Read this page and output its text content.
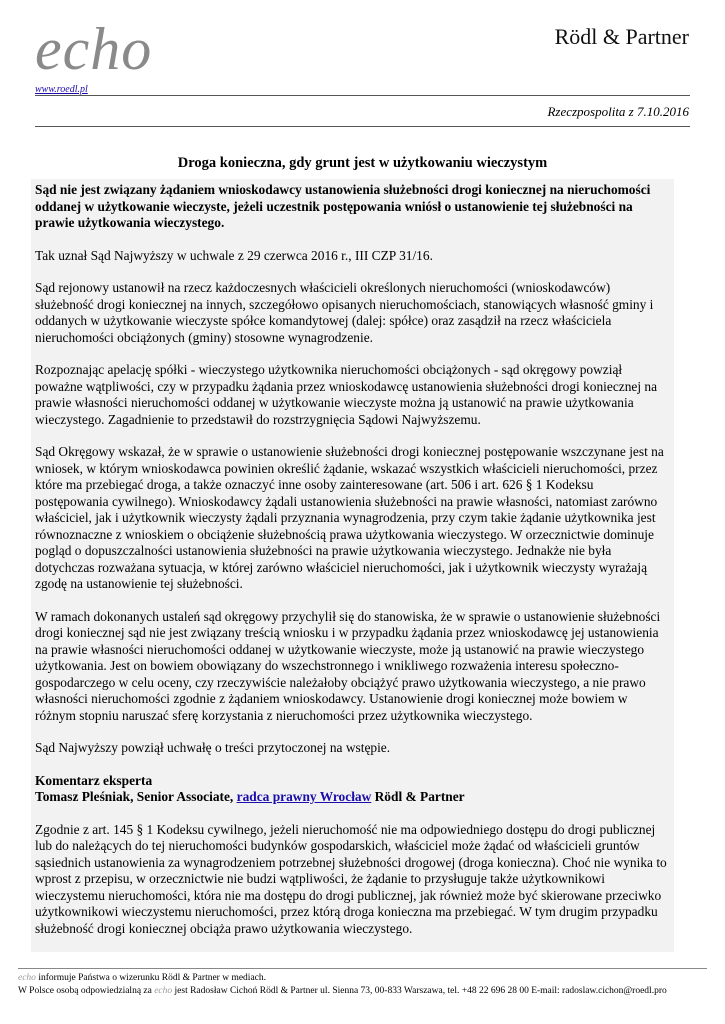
echo
www.roedl.pl
Rödl & Partner
Rzeczpospolita z 7.10.2016
Droga konieczna, gdy grunt jest w użytkowaniu wieczystym

Sąd nie jest związany żądaniem wnioskodawcy ustanowienia służebności drogi koniecznej na nieruchomości oddanej w użytkowanie wieczyste, jeżeli uczestnik postępowania wniósł o ustanowienie tej służebności na prawie użytkowania wieczystego.

Tak uznał Sąd Najwyższy w uchwale z 29 czerwca 2016 r., III CZP 31/16.

Sąd rejonowy ustanowił na rzecz każdoczesnych właścicieli określonych nieruchomości (wnioskodawców) służebność drogi koniecznej na innych, szczegółowo opisanych nieruchomościach, stanowiących własność gminy i oddanych w użytkowanie wieczyste spółce komandytowej (dalej: spółce) oraz zasądził na rzecz właściciela nieruchomości obciążonych (gminy) stosowne wynagrodzenie.

Rozpoznając apelację spółki - wieczystego użytkownika nieruchomości obciążonych - sąd okręgowy powziął poważne wątpliwości, czy w przypadku żądania przez wnioskodawcę ustanowienia służebności drogi koniecznej na prawie własności nieruchomości oddanej w użytkowanie wieczyste można ją ustanowić na prawie użytkowania wieczystego. Zagadnienie to przedstawił do rozstrzygnięcia Sądowi Najwyższemu.

Sąd Okręgowy wskazał, że w sprawie o ustanowienie służebności drogi koniecznej postępowanie wszczynane jest na wniosek, w którym wnioskodawca powinien określić żądanie, wskazać wszystkich właścicieli nieruchomości, przez które ma przebiegać droga, a także oznaczyć inne osoby zainteresowane (art. 506 i art. 626 § 1 Kodeksu postępowania cywilnego). Wnioskodawcy żądali ustanowienia służebności na prawie własności, natomiast zarówno właściciel, jak i użytkownik wieczysty żądali przyznania wynagrodzenia, przy czym takie żądanie użytkownika jest równoznaczne z wnioskiem o obciążenie służebnością prawa użytkowania wieczystego. W orzecznictwie dominuje pogląd o dopuszczalności ustanowienia służebności na prawie użytkowania wieczystego. Jednakże nie była dotychczas rozważana sytuacja, w której zarówno właściciel nieruchomości, jak i użytkownik wieczysty wyrażają zgodę na ustanowienie tej służebności.

W ramach dokonanych ustaleń sąd okręgowy przychylił się do stanowiska, że w sprawie o ustanowienie służebności drogi koniecznej sąd nie jest związany treścią wniosku i w przypadku żądania przez wnioskodawcę jej ustanowienia na prawie własności nieruchomości oddanej w użytkowanie wieczyste, może ją ustanowić na prawie wieczystego użytkowania. Jest on bowiem obowiązany do wszechstronnego i wnikliwego rozważenia interesu społeczno-gospodarczego w celu oceny, czy rzeczywiście należałoby obciążyć prawo użytkowania wieczystego, a nie prawo własności nieruchomości zgodnie z żądaniem wnioskodawcy. Ustanowienie drogi koniecznej może bowiem w różnym stopniu naruszać sferę korzystania z nieruchomości przez użytkownika wieczystego.

Sąd Najwyższy powziął uchwałę o treści przytoczonej na wstępie.

Komentarz eksperta
Tomasz Pleśniak, Senior Associate, radca prawny Wrocław Rödl & Partner

Zgodnie z art. 145 § 1 Kodeksu cywilnego, jeżeli nieruchomość nie ma odpowiedniego dostępu do drogi publicznej lub do należących do tej nieruchomości budynków gospodarskich, właściciel może żądać od właścicieli gruntów sąsiednich ustanowienia za wynagrodzeniem potrzebnej służebności drogowej (droga konieczna). Choć nie wynika to wprost z przepisu, w orzecznictwie nie budzi wątpliwości, że żądanie to przysługuje także użytkownikowi wieczystemu nieruchomości, która nie ma dostępu do drogi publicznej, jak również może być skierowane przeciwko użytkownikowi wieczystemu nieruchomości, przez którą droga konieczna ma przebiegać. W tym drugim przypadku służebność drogi koniecznej obciąża prawo użytkowania wieczystego.

echo informuje Państwa o wizerunku Rödl & Partner w mediach.
W Polsce osobą odpowiedzialną za echo jest Radosław Cichoń Rödl & Partner ul. Sienna 73, 00-833 Warszawa, tel. +48 22 696 28 00 E-mail: radoslaw.cichon@roedl.pro
